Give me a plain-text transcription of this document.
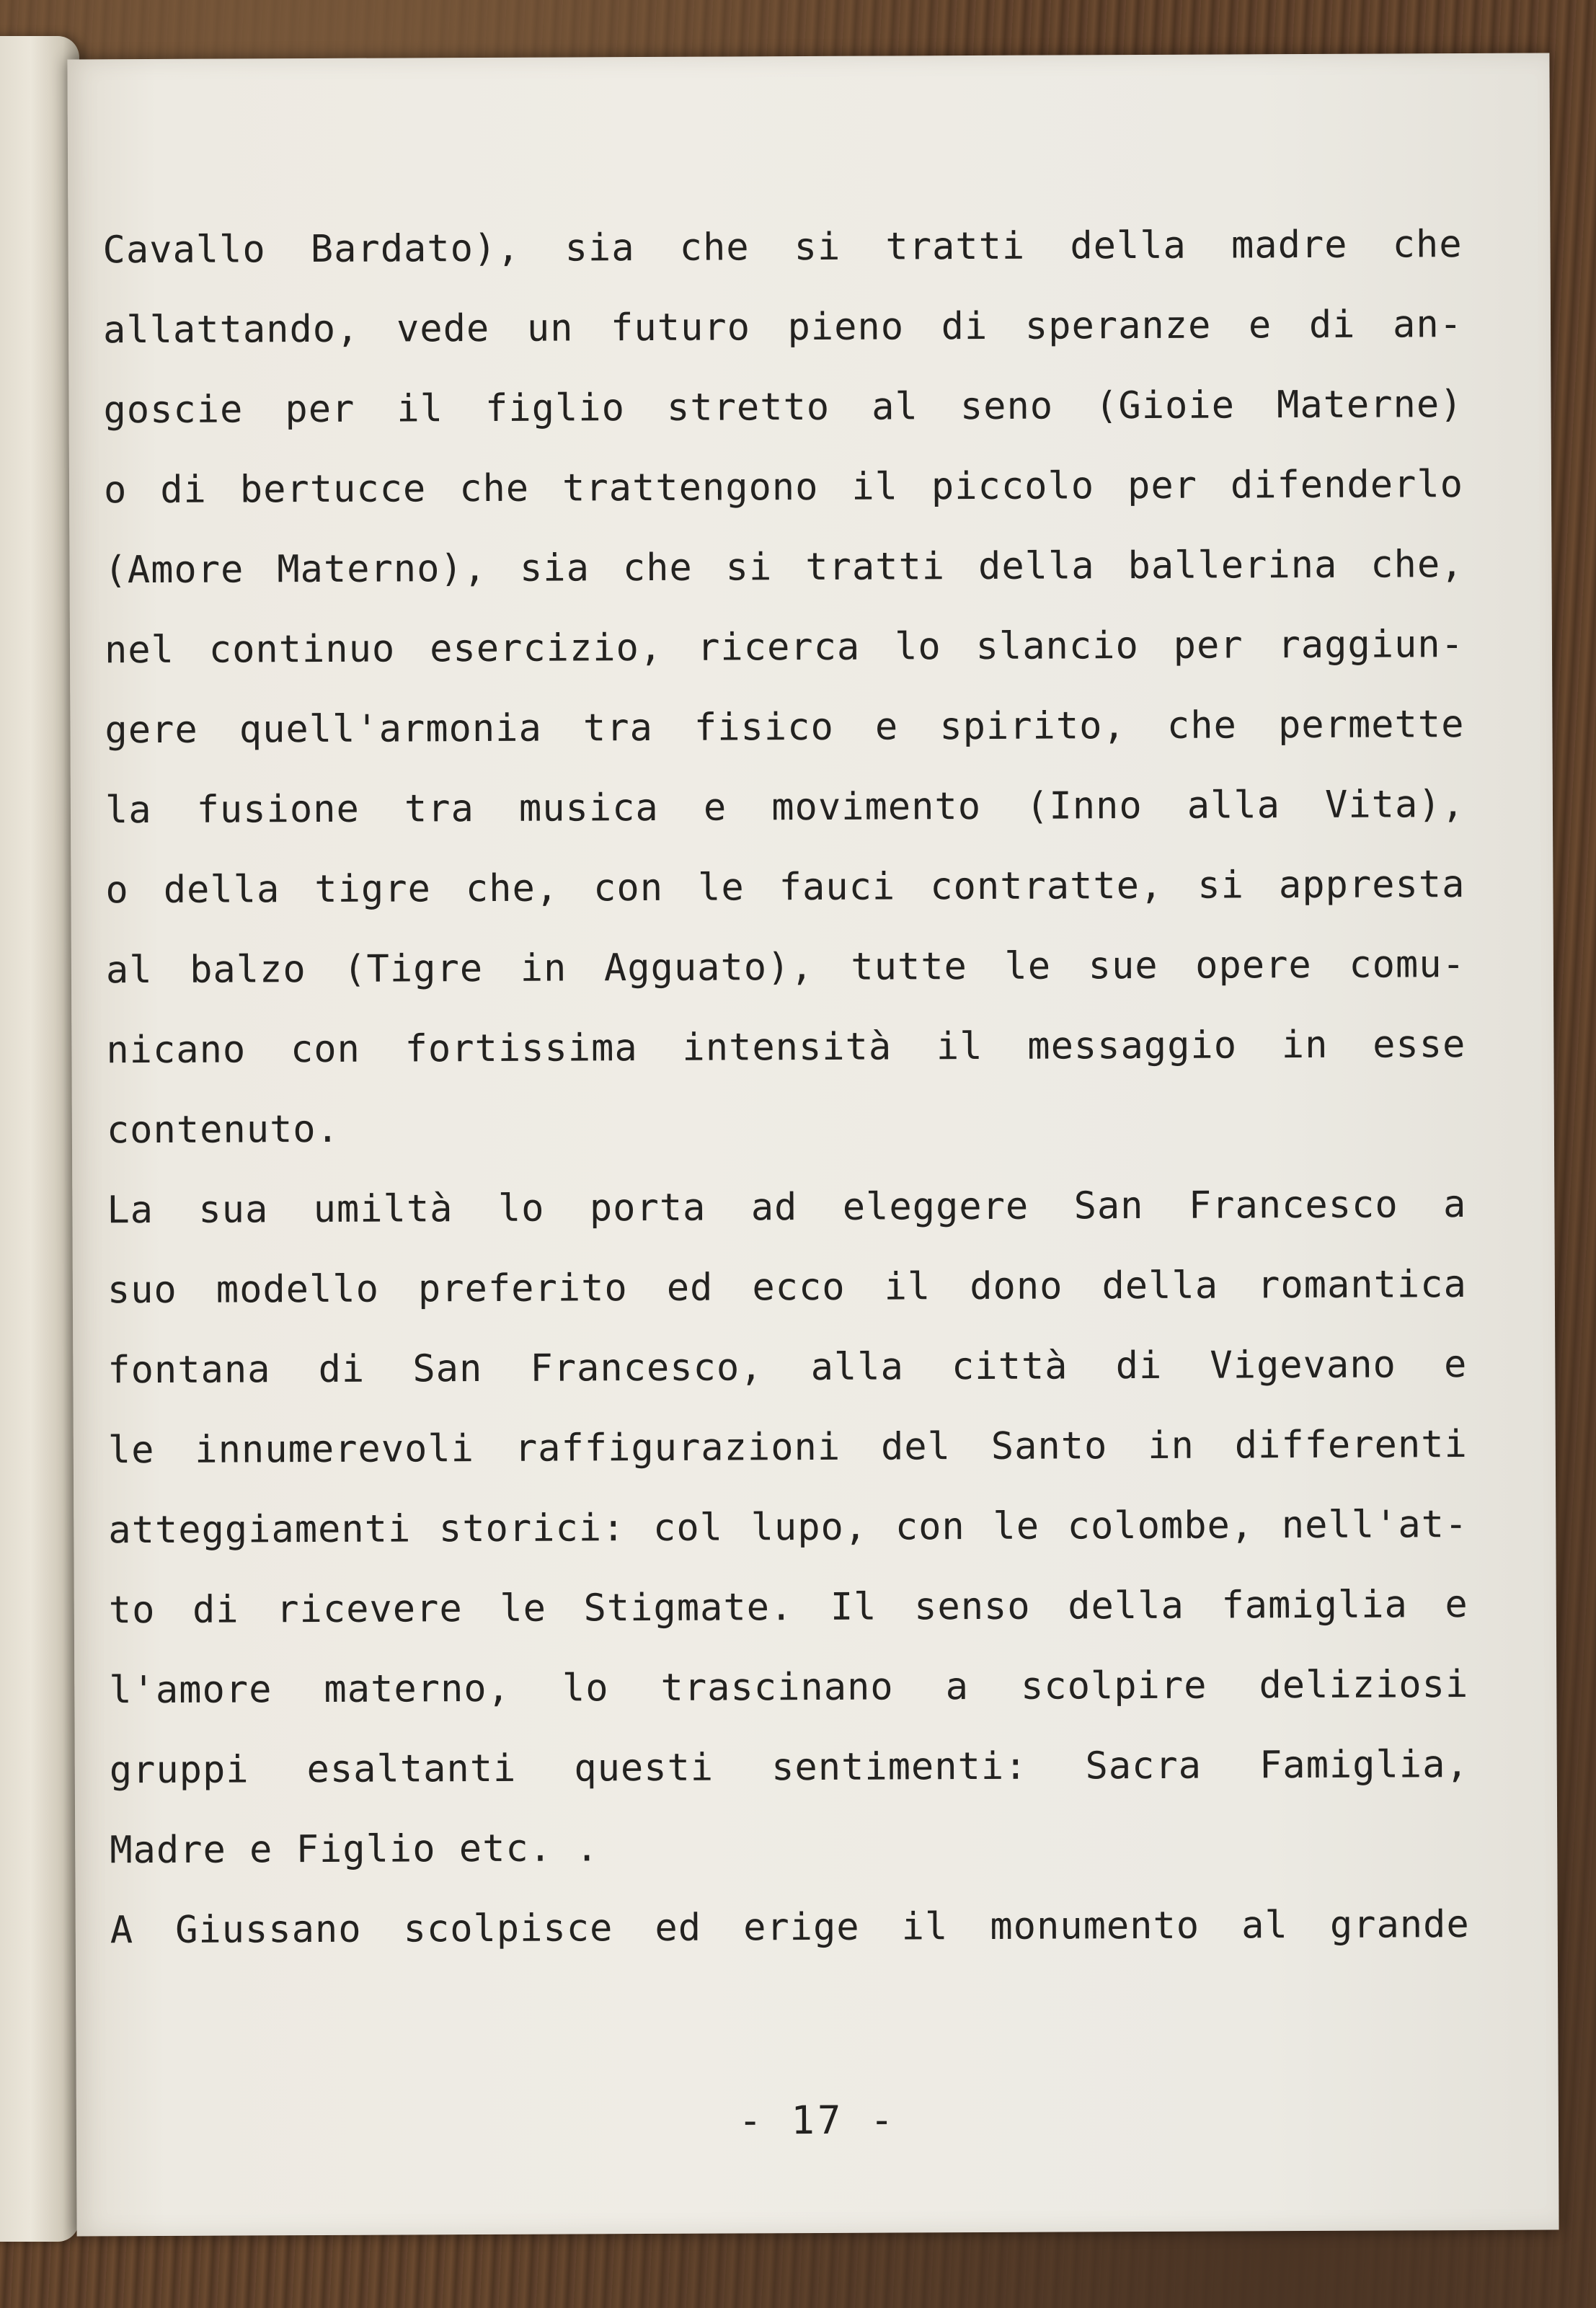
Cavallo Bardato), sia che si tratti della madre che
allattando, vede un futuro pieno di speranze e di an-
goscie per il figlio stretto al seno (Gioie Materne)
o di bertucce che trattengono il piccolo per difenderlo
(Amore Materno), sia che si tratti della ballerina che,
nel continuo esercizio, ricerca lo slancio per raggiun-
gere quell'armonia tra fisico e spirito, che permette
la fusione tra musica e movimento (Inno alla Vita),
o della tigre che, con le fauci contratte, si appresta
al balzo (Tigre in Agguato), tutte le sue opere comu-
nicano con fortissima intensità il messaggio in esse
contenuto.
La sua umiltà lo porta ad eleggere San Francesco a
suo modello preferito ed ecco il dono della romantica
fontana di San Francesco, alla città di Vigevano e
le innumerevoli raffigurazioni del Santo in differenti
atteggiamenti storici: col lupo, con le colombe, nell'at-
to di ricevere le Stigmate. Il senso della famiglia e
l'amore materno, lo trascinano a scolpire deliziosi
gruppi esaltanti questi sentimenti: Sacra Famiglia,
Madre e Figlio etc. .
A Giussano scolpisce ed erige il monumento al grande
- 17 -
